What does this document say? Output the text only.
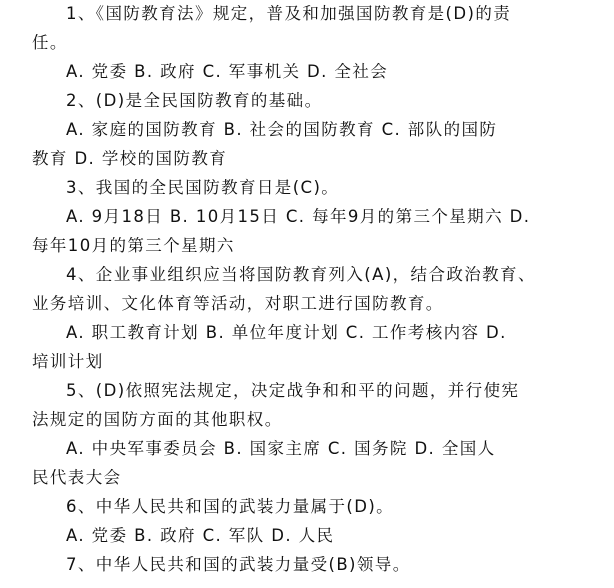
1、《国防教育法》规定，普及和加强国防教育是(D)的责
任。
A. 党委 B. 政府 C. 军事机关 D. 全社会
2、(D)是全民国防教育的基础。
A. 家庭的国防教育 B. 社会的国防教育 C. 部队的国防
教育 D. 学校的国防教育
3、我国的全民国防教育日是(C)。
A. 9月18日 B. 10月15日 C. 每年9月的第三个星期六 D.
每年10月的第三个星期六
4、企业事业组织应当将国防教育列入(A)，结合政治教育、
业务培训、文化体育等活动，对职工进行国防教育。
A. 职工教育计划 B. 单位年度计划 C. 工作考核内容 D.
培训计划
5、(D)依照宪法规定，决定战争和和平的问题，并行使宪
法规定的国防方面的其他职权。
A. 中央军事委员会 B. 国家主席 C. 国务院 D. 全国人
民代表大会
6、中华人民共和国的武装力量属于(D)。
A. 党委 B. 政府 C. 军队 D. 人民
7、中华人民共和国的武装力量受(B)领导。
